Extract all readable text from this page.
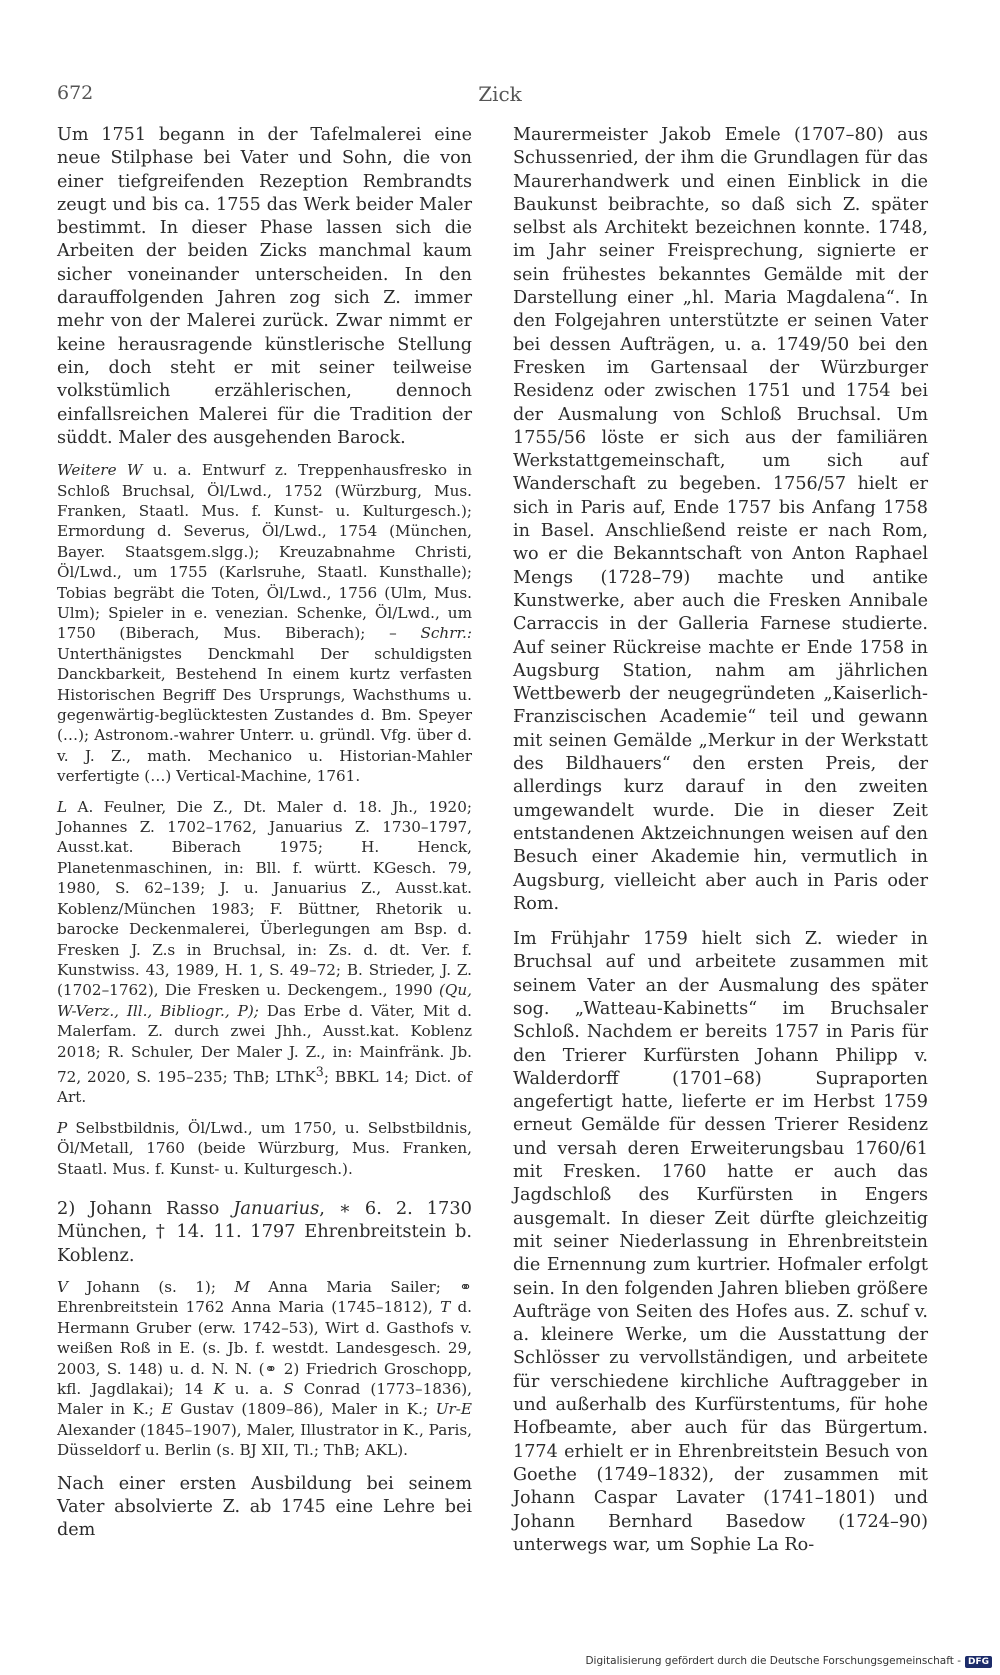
672	Zick

Um 1751 begann in der Tafelmalerei eine neue Stilphase bei Vater und Sohn, die von einer tiefgreifenden Rezeption Rembrandts zeugt und bis ca. 1755 das Werk beider Maler bestimmt. In dieser Phase lassen sich die Arbeiten der beiden Zicks manchmal kaum sicher voneinander unterscheiden. In den darauffolgenden Jahren zog sich Z. immer mehr von der Malerei zurück. Zwar nimmt er keine herausragende künstlerische Stellung ein, doch steht er mit seiner teilweise volkstümlich erzählerischen, dennoch einfallsreichen Malerei für die Tradition der süddt. Maler des ausgehenden Barock.

Weitere W u. a. Entwurf z. Treppenhausfresko in Schloß Bruchsal, Öl/Lwd., 1752 (Würzburg, Mus. Franken, Staatl. Mus. f. Kunst- u. Kulturgesch.); Ermordung d. Severus, Öl/Lwd., 1754 (München, Bayer. Staatsgem.slgg.); Kreuzabnahme Christi, Öl/Lwd., um 1755 (Karlsruhe, Staatl. Kunsthalle); Tobias begräbt die Toten, Öl/Lwd., 1756 (Ulm, Mus. Ulm); Spieler in e. venezian. Schenke, Öl/Lwd., um 1750 (Biberach, Mus. Biberach); – Schrr.: Unterthänigstes Denckmahl Der schuldigsten Danckbarkeit, Bestehend In einem kurtz verfasten Historischen Begriff Des Ursprungs, Wachsthums u. gegenwärtig-beglücktesten Zustandes d. Bm. Speyer (…); Astronom.-wahrer Unterr. u. gründl. Vfg. über d. v. J. Z., math. Mechanico u. Historian-Mahler verfertigte (…) Vertical-Machine, 1761.

L A. Feulner, Die Z., Dt. Maler d. 18. Jh., 1920; Johannes Z. 1702–1762, Januarius Z. 1730–1797, Ausst.kat. Biberach 1975; H. Henck, Planetenmaschinen, in: Bll. f. württ. KGesch. 79, 1980, S. 62–139; J. u. Januarius Z., Ausst.kat. Koblenz/München 1983; F. Büttner, Rhetorik u. barocke Deckenmalerei, Überlegungen am Bsp. d. Fresken J. Z.s in Bruchsal, in: Zs. d. dt. Ver. f. Kunstwiss. 43, 1989, H. 1, S. 49–72; B. Strieder, J. Z. (1702–1762), Die Fresken u. Deckengem., 1990 (Qu, W-Verz., Ill., Bibliogr., P); Das Erbe d. Väter, Mit d. Malerfam. Z. durch zwei Jhh., Ausst.kat. Koblenz 2018; R. Schuler, Der Maler J. Z., in: Mainfränk. Jb. 72, 2020, S. 195–235; ThB; LThK$^3$; BBKL 14; Dict. of Art.

P Selbstbildnis, Öl/Lwd., um 1750, u. Selbstbildnis, Öl/Metall, 1760 (beide Würzburg, Mus. Franken, Staatl. Mus. f. Kunst- u. Kulturgesch.).

2) Johann Rasso Januarius, ∗ 6. 2. 1730 München, † 14. 11. 1797 Ehrenbreitstein b. Koblenz.

V Johann (s. 1); M Anna Maria Sailer; ⚭ Ehrenbreitstein 1762 Anna Maria (1745–1812), T d. Hermann Gruber (erw. 1742–53), Wirt d. Gasthofs v. weißen Roß in E. (s. Jb. f. westdt. Landesgesch. 29, 2003, S. 148) u. d. N. N. (⚭ 2) Friedrich Groschopp, kfl. Jagdlakai); 14 K u. a. S Conrad (1773–1836), Maler in K.; E Gustav (1809–86), Maler in K.; Ur-E Alexander (1845–1907), Maler, Illustrator in K., Paris, Düsseldorf u. Berlin (s. BJ XII, Tl.; ThB; AKL).

Nach einer ersten Ausbildung bei seinem Vater absolvierte Z. ab 1745 eine Lehre bei dem

Maurermeister Jakob Emele (1707–80) aus Schussenried, der ihm die Grundlagen für das Maurerhandwerk und einen Einblick in die Baukunst beibrachte, so daß sich Z. später selbst als Architekt bezeichnen konnte. 1748, im Jahr seiner Freisprechung, signierte er sein frühestes bekanntes Gemälde mit der Darstellung einer „hl. Maria Magdalena“. In den Folgejahren unterstützte er seinen Vater bei dessen Aufträgen, u. a. 1749/50 bei den Fresken im Gartensaal der Würzburger Residenz oder zwischen 1751 und 1754 bei der Ausmalung von Schloß Bruchsal. Um 1755/56 löste er sich aus der familiären Werkstattgemeinschaft, um sich auf Wanderschaft zu begeben. 1756/57 hielt er sich in Paris auf, Ende 1757 bis Anfang 1758 in Basel. Anschließend reiste er nach Rom, wo er die Bekanntschaft von Anton Raphael Mengs (1728–79) machte und antike Kunstwerke, aber auch die Fresken Annibale Carraccis in der Galleria Farnese studierte. Auf seiner Rückreise machte er Ende 1758 in Augsburg Station, nahm am jährlichen Wettbewerb der neugegründeten „Kaiserlich-Franziscischen Academie“ teil und gewann mit seinen Gemälde „Merkur in der Werkstatt des Bildhauers“ den ersten Preis, der allerdings kurz darauf in den zweiten umgewandelt wurde. Die in dieser Zeit entstandenen Aktzeichnungen weisen auf den Besuch einer Akademie hin, vermutlich in Augsburg, vielleicht aber auch in Paris oder Rom.

Im Frühjahr 1759 hielt sich Z. wieder in Bruchsal auf und arbeitete zusammen mit seinem Vater an der Ausmalung des später sog. „Watteau-Kabinetts“ im Bruchsaler Schloß. Nachdem er bereits 1757 in Paris für den Trierer Kurfürsten Johann Philipp v. Walderdorff (1701–68) Supraporten angefertigt hatte, lieferte er im Herbst 1759 erneut Gemälde für dessen Trierer Residenz und versah deren Erweiterungsbau 1760/61 mit Fresken. 1760 hatte er auch das Jagdschloß des Kurfürsten in Engers ausgemalt. In dieser Zeit dürfte gleichzeitig mit seiner Niederlassung in Ehrenbreitstein die Ernennung zum kurtrier. Hofmaler erfolgt sein. In den folgenden Jahren blieben größere Aufträge von Seiten des Hofes aus. Z. schuf v. a. kleinere Werke, um die Ausstattung der Schlösser zu vervollständigen, und arbeitete für verschiedene kirchliche Auftraggeber in und außerhalb des Kurfürstentums, für hohe Hofbeamte, aber auch für das Bürgertum. 1774 erhielt er in Ehrenbreitstein Besuch von Goethe (1749–1832), der zusammen mit Johann Caspar Lavater (1741–1801) und Johann Bernhard Basedow (1724–90) unterwegs war, um Sophie La Ro-

Digitalisierung gefördert durch die Deutsche Forschungsgemeinschaft - DFG
